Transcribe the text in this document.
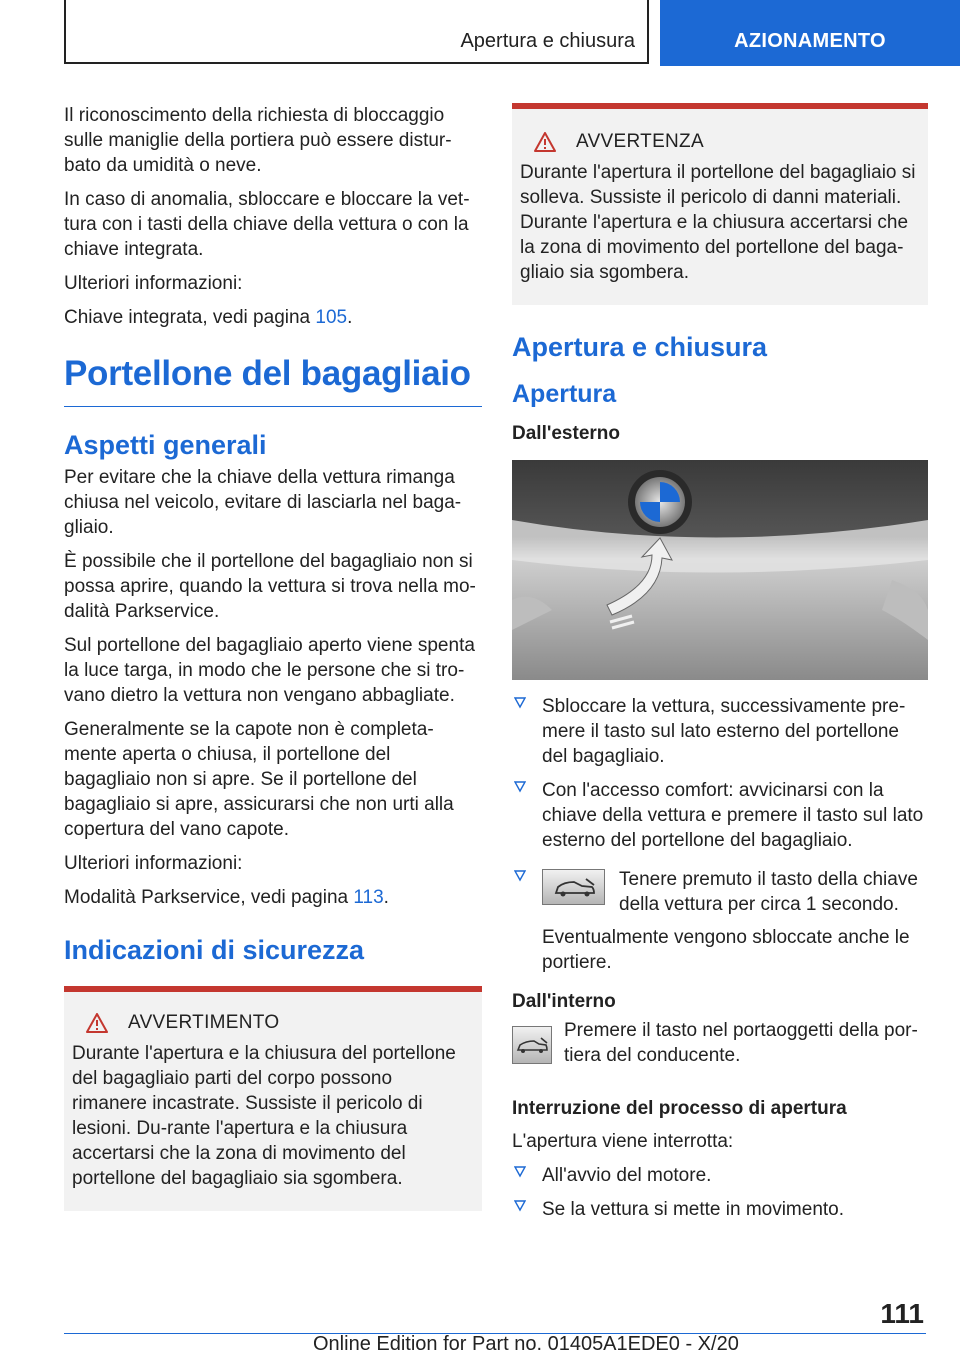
Apertura e chiusura	AZIONAMENTO

Il riconoscimento della richiesta di bloccaggio sulle maniglie della portiera può essere distur-bato da umidità o neve.

In caso di anomalia, sbloccare e bloccare la vet-tura con i tasti della chiave della vettura o con la chiave integrata.

Ulteriori informazioni:

Chiave integrata, vedi pagina 105.

Portellone del bagagliaio
Aspetti generali

Per evitare che la chiave della vettura rimanga chiusa nel veicolo, evitare di lasciarla nel baga-gliaio.

È possibile che il portellone del bagagliaio non si possa aprire, quando la vettura si trova nella mo-dalità Parkservice.

Sul portellone del bagagliaio aperto viene spenta la luce targa, in modo che le persone che si tro-vano dietro la vettura non vengano abbagliate.

Generalmente se la capote non è completa-mente aperta o chiusa, il portellone del bagagliaio non si apre. Se il portellone del bagagliaio si apre, assicurarsi che non urti alla copertura del vano capote.

Ulteriori informazioni:

Modalità Parkservice, vedi pagina 113.

Indicazioni di sicurezza
AVVERTIMENTO

Durante l'apertura e la chiusura del portellone del bagagliaio parti del corpo possono rimanere incastrate. Sussiste il pericolo di lesioni. Du-rante l'apertura e la chiusura accertarsi che la zona di movimento del portellone del bagagliaio sia sgombera.

AVVERTENZA

Durante l'apertura il portellone del bagagliaio si solleva. Sussiste il pericolo di danni materiali. Durante l'apertura e la chiusura accertarsi che la zona di movimento del portellone del baga-gliaio sia sgombera.

Apertura e chiusura
Apertura
Dall'esterno
Sbloccare la vettura, successivamente pre-mere il tasto sul lato esterno del portellone del bagagliaio.
Con l'accesso comfort: avvicinarsi con la chiave della vettura e premere il tasto sul lato esterno del portellone del bagagliaio.
Tenere premuto il tasto della chiave della vettura per circa 1 secondo.
Eventualmente vengono sbloccate anche le portiere.
Dall'interno
Premere il tasto nel portaoggetti della por-tiera del conducente.
Interruzione del processo di apertura

L'apertura viene interrotta:

All'avvio del motore.
Se la vettura si mette in movimento.
111
Online Edition for Part no. 01405A1EDE0 - X/20
